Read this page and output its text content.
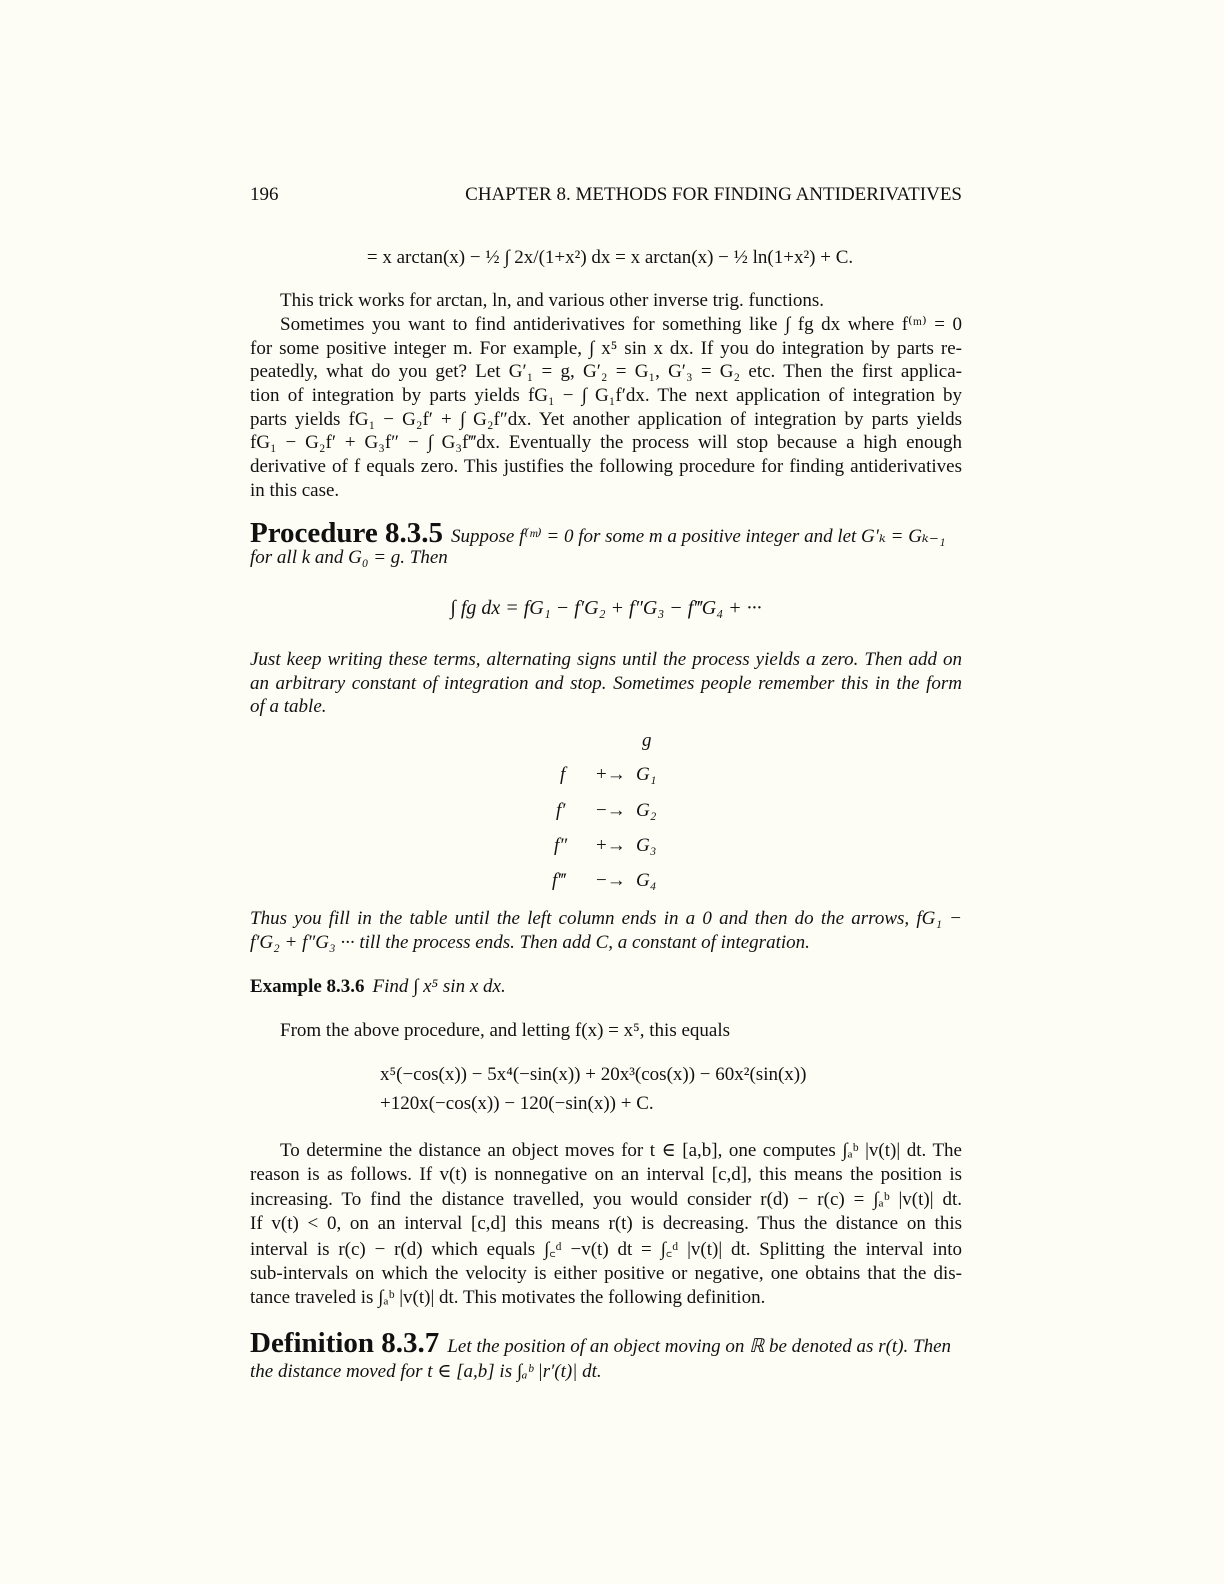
196	CHAPTER 8. METHODS FOR FINDING ANTIDERIVATIVES
= x arctan(x) − ½ ∫ 2x/(1+x²) dx = x arctan(x) − ½ ln(1+x²) + C.
This trick works for arctan, ln, and various other inverse trig. functions.
Sometimes you want to find antiderivatives for something like ∫ fg dx where f⁽ᵐ⁾ = 0
for some positive integer m. For example, ∫ x⁵ sin x dx. If you do integration by parts re-
peatedly, what do you get? Let G′₁ = g, G′₂ = G₁, G′₃ = G₂ etc. Then the first applica-
tion of integration by parts yields fG₁ − ∫ G₁f′dx. The next application of integration by
parts yields fG₁ − G₂f′ + ∫ G₂f″dx. Yet another application of integration by parts yields
fG₁ − G₂f′ + G₃f″ − ∫ G₃f‴dx. Eventually the process will stop because a high enough
derivative of f equals zero. This justifies the following procedure for finding antiderivatives
in this case.
Procedure 8.3.5 Suppose f⁽ᵐ⁾ = 0 for some m a positive integer and let G′ₖ = Gₖ₋₁
for all k and G₀ = g. Then
∫ fg dx = fG₁ − f′G₂ + f″G₃ − f‴G₄ + ···
Just keep writing these terms, alternating signs until the process yields a zero. Then add on
an arbitrary constant of integration and stop. Sometimes people remember this in the form
of a table.
g
f +→ G₁
f′ −→ G₂
f″ +→ G₃
f‴ −→ G₄
Thus you fill in the table until the left column ends in a 0 and then do the arrows, fG₁ −
f′G₂ + f″G₃ ··· till the process ends. Then add C, a constant of integration.
Example 8.3.6 Find ∫ x⁵ sin x dx.
From the above procedure, and letting f(x) = x⁵, this equals
x⁵(−cos(x)) − 5x⁴(−sin(x)) + 20x³(cos(x)) − 60x²(sin(x))
+120x(−cos(x)) − 120(−sin(x)) + C.
To determine the distance an object moves for t ∈ [a,b], one computes ∫ₐᵇ |v(t)| dt. The
reason is as follows. If v(t) is nonnegative on an interval [c,d], this means the position is
increasing. To find the distance travelled, you would consider r(d) − r(c) = ∫ₐᵇ |v(t)| dt.
If v(t) < 0, on an interval [c,d] this means r(t) is decreasing. Thus the distance on this
interval is r(c) − r(d) which equals ∫꜀ᵈ −v(t) dt = ∫꜀ᵈ |v(t)| dt. Splitting the interval into
sub-intervals on which the velocity is either positive or negative, one obtains that the dis-
tance traveled is ∫ₐᵇ |v(t)| dt. This motivates the following definition.
Definition 8.3.7 Let the position of an object moving on ℝ be denoted as r(t). Then
the distance moved for t ∈ [a,b] is ∫ₐᵇ |r′(t)| dt.
